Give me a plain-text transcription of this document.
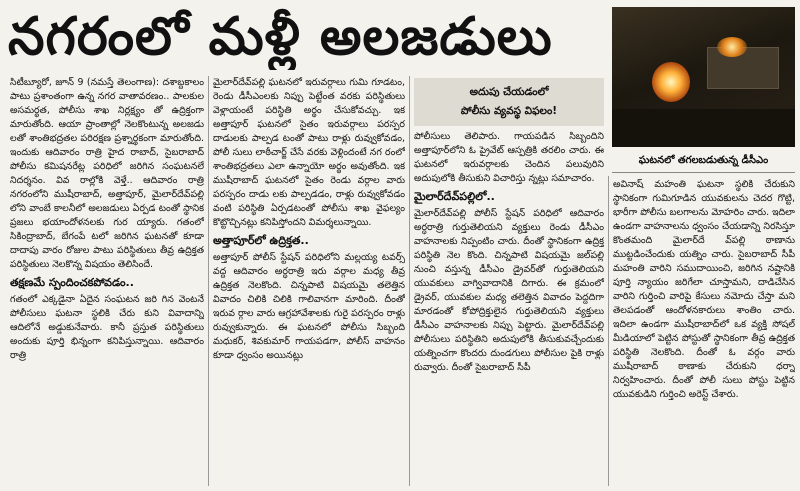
నగరంలో మళ్లీ అలజడులు
ఘటనలో తగలబడుతున్న డీసీఎం

సిటీబ్యూరో, జూన్ 9 (నమస్తే తెలంగాణ): దశాబ్దకాలం పాటు ప్రశాంతంగా ఉన్న నగర వాతావరణం.. పాలకుల అసమర్థత, పోలీసు శాఖ నిర్లక్ష్యం తో ఉద్రిక్తంగా మారుతోంది. ఆయా ప్రాంతాల్లో నెలకొంటున్న అలజడు లతో శాంతిభద్రతల పరిరక్షణ ప్రశ్నార్థకంగా మారుతోంది. ఇందుకు ఆదివారం రాత్రి హైద రాబాద్, సైబరాబాద్ పోలీసు కమిషనరేట్ల పరిధిలో జరిగిన సంఘటనలే నిదర్శనం. వివ రాల్లోకి వెళ్తే.. ఆదివారం రాత్రి నగరంలోని ముషీరాబాద్, అత్తాపూర్, మైలార్‌దేవ్‌పల్లి లోని వాంబే కాలనీలో అలజడులు ఏర్పడ టంతో స్థానిక ప్రజలు భయాందోళనలకు గుర య్యారు. గతంలో సికింద్రాబాద్, బేగంపే టలో జరిగిన ఘటనతో కూడా దాదాపు వారం రోజుల పాటు పరిస్థితులు తీవ్ర ఉద్రిక్తత పరిస్థితులు నెలకొన్న విషయం తెలిసిందే.

తక్షణమే స్పందించకపోవడం..

గతంలో ఎక్కడైనా ఏదైన సంఘటన జరి గిన వెంటనే పోలీసులు ఘటనా స్థలికి చేరు కుని వివాదాన్ని ఆదిలోనే అడ్డుకునేవారు. కానీ ప్రస్తుత పరిస్థితులు అందుకు పూర్తి భిన్నంగా కనిపిస్తున్నాయి. ఆదివారం రాత్రి

మైలార్‌దేవ్‌పల్లి ఘటనలో ఇరువర్గాలు గుమి గూడటం, రెండు డీసీఎంలకు నిప్పు పెట్టేంత వరకు పరిస్థితులు వెళ్లాయంటే పరిస్థితి అర్థం చేసుకోవచ్చు. ఇక అత్తాపూర్ ఘటనలో సైతం ఇరువర్గాలు పరస్పర దాడులకు పాల్పడ టంతో పాటు రాళ్లు రువ్వుకోవడం, పోలీ సులు లాఠీచార్జ్ చేసే వరకు వెళ్లిందంటే నగ రంలో శాంతిభద్రతలు ఎలా ఉన్నాయో అర్థం అవుతోంది. ఇక ముషీరాబాద్ ఘటనలో సైతం రెండు వర్గాల వారు పరస్పరం దాడు లకు పాల్పడడం, రాళ్లు రువ్వుకోవడం వంటి పరిస్థితి ఏర్పడటంతో పోలీసు శాఖ వైఫల్యం కొట్టొచ్చినట్లు కనిపిస్తోందని విమర్శలున్నాయి.

అత్తాపూర్‌లో ఉద్రిక్తత..

అత్తాపూర్ పోలీస్ స్టేషన్ పరిధిలోని మల్లయ్య టవర్స్ వద్ద ఆదివారం అర్ధరాత్రి ఇరు వర్గాల మధ్య తీవ్ర ఉద్రిక్తత నెలకొంది. చిన్నపాటి విషయమై తలెత్తిన వివాదం చిలికి చిలికి గాలివానగా మారింది. దీంతో ఇరువ ర్గాల వారు ఆగ్రహావేశాలకు గురై పరస్పరం రాళ్లు రువ్వుకున్నారు. ఈ ఘటనలో పోలీసు సిబ్బంది మధుకర్, శివకుమార్ గాయపడగా, పోలీస్ వాహనం కూడా ధ్వంసం అయినట్లు

అదుపు చేయడంలో
పోలీసు వ్యవస్థ విఫలం!

పోలీసులు తెలిపారు. గాయపడిన సిబ్బందిని అత్తాపూర్‌లోని ఓ ప్రైవేట్ ఆస్పత్రికి తరలిం చారు. ఈ ఘటనలో ఇరువర్గాలకు చెందిన పలువురిని అదుపులోకి తీసుకుని విచారిస్తు న్నట్లు సమాచారం.

మైలార్‌దేవ్‌పల్లిలో..

మైలార్‌దేవ్‌పల్లి పోలీస్ స్టేషన్ పరిధిలో ఆదివారం అర్ధరాత్రి గుర్తుతెలియని వ్యక్తులు రెండు డీసీఎం వాహనాలకు నిప్పంటిం చారు. దీంతో స్థానికంగా ఉద్రిక్త పరిస్థితి నెల కొంది. చిన్నపాటి విషయమై జల్‌పల్లి నుంచి వస్తున్న డీసీఎం డ్రైవర్‌తో గుర్తుతెలియని యువకులు వాగ్వివాదానికి దిగారు. ఈ క్రమంలో డ్రైవర్, యువకుల మధ్య తలెత్తిన వివాదం పెద్దదిగా మారడంతో కోపోద్రిక్తులైన గుర్తుతెలియని వ్యక్తులు డీసీఎం వాహనాలకు నిప్పు పెట్టారు. మైలార్‌దేవ్‌పల్లి పోలీసులు పరిస్థితిని అదుపులోకి తీసుకువచ్చేందుకు యత్నించగా కొందరు దుండగులు పోలీసుల పైకి రాళ్లు రువ్వారు. దీంతో సైబరాబాద్ సీపీ

అవినాష్ మహంతి ఘటనా స్థలికి చేరుకుని స్థానికంగా గుమిగూడిన యువకులను చెదర గొట్టి, భారీగా పోలీసు బలగాలను మోహరిం చారు. ఇదిలా ఉండగా వాహనాలను ధ్వంసం చేయడాన్ని నిరసిస్తూ కొంతమంది మైలార్‌దే వ్‌పల్లి ఠాణాను ముట్టడించేందుకు యత్నిం చారు. సైబరాబాద్ సీపీ మహంతి వారిని సముదాయించి, జరిగిన నష్టానికి పూర్తి న్యాయం జరిగేలా చూస్తామని, దాడిచేసిన వారిని గుర్తించి వారిపై కేసులు నమోదు చేస్తా మని తెలపడంతో ఆందోళనకారులు శాంతిం చారు. ఇదిలా ఉండగా ముషీరాబాద్‌లో ఒక వ్యక్తి సోషల్ మీడియాలో పెట్టిన పోస్టుతో స్థానికంగా తీవ్ర ఉద్రిక్తత పరిస్థితి నెలకొంది. దీంతో ఓ వర్గం వారు ముషీరాబాద్ ఠాణాకు చేరుకుని ధర్నా నిర్వహించారు. దీంతో పోలీ సులు పోస్టు పెట్టిన యువకుడిని గుర్తించి అరెస్ట్ చేశారు.
